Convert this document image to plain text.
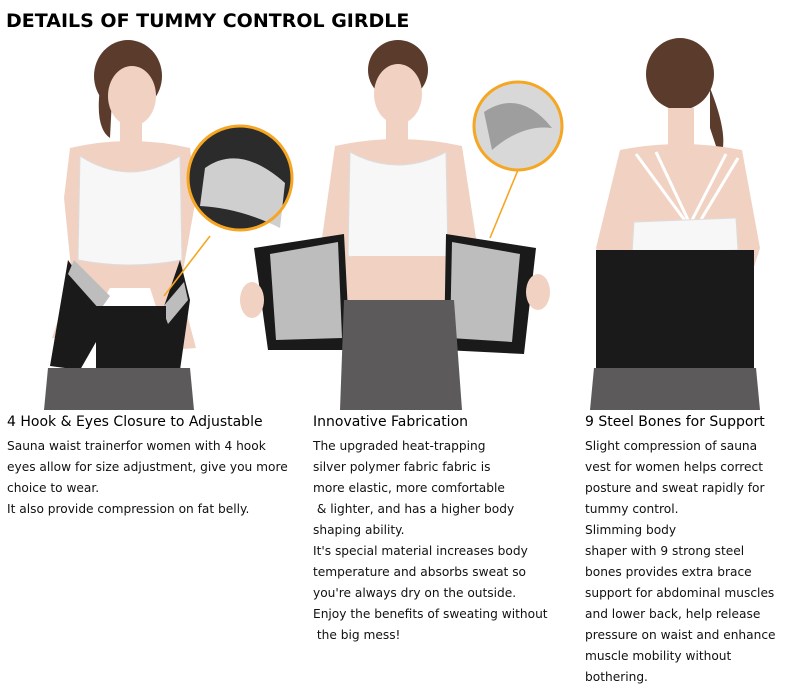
DETAILS OF TUMMY CONTROL GIRDLE
4 Hook & Eyes Closure to Adjustable

Sauna waist trainerfor women with 4 hook

eyes allow for size adjustment, give you more

choice to wear.

It also provide compression on fat belly.

Innovative Fabrication

The upgraded heat-trapping

silver polymer fabric fabric is

more elastic, more comfortable

& lighter, and has a higher body

shaping ability.

It's special material increases body

temperature and absorbs sweat so

you're always dry on the outside.

Enjoy the benefits of sweating without

the big mess!

9 Steel Bones for Support

Slight compression of sauna

vest for women helps correct

posture and sweat rapidly for

tummy control.

Slimming body

shaper with 9 strong steel

bones provides extra brace

support for abdominal muscles

and lower back, help release

pressure on waist and enhance

muscle mobility without

bothering.
